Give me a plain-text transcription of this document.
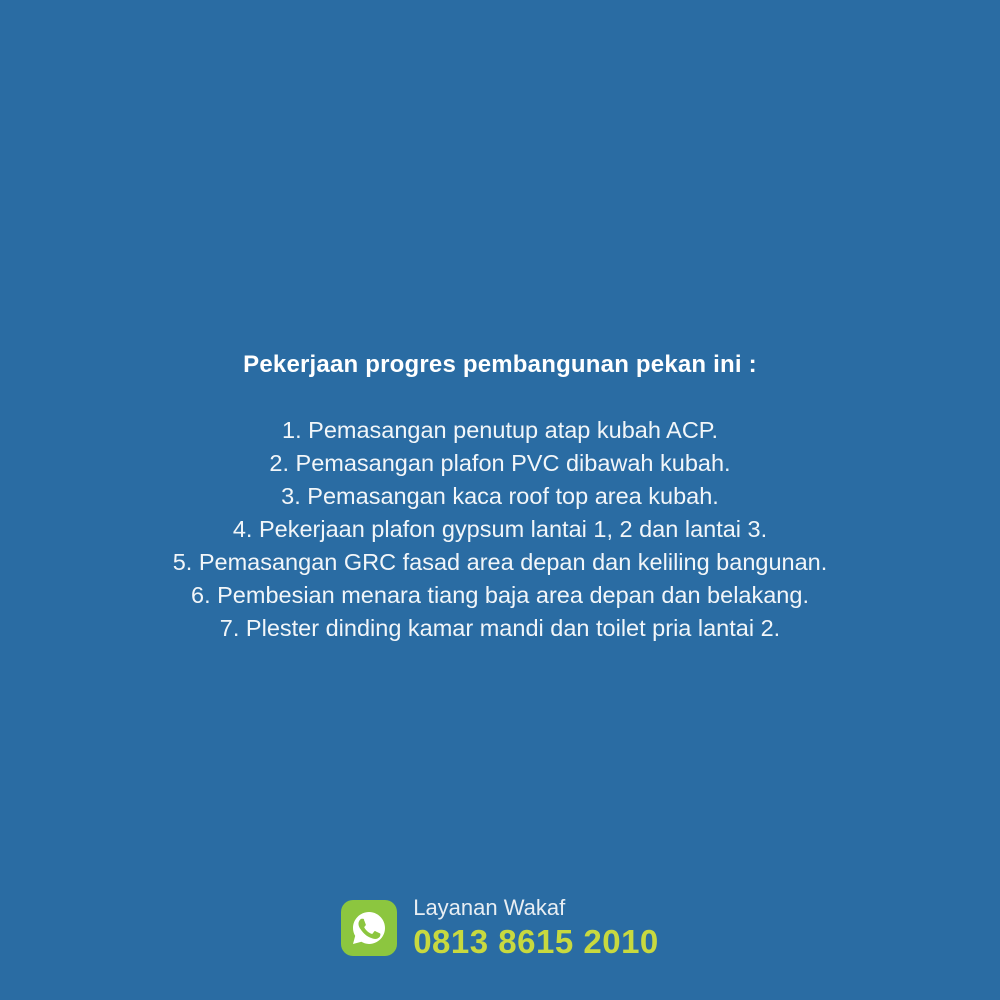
Pekerjaan progres pembangunan pekan ini :
1. Pemasangan penutup atap kubah ACP.
2. Pemasangan plafon PVC dibawah kubah.
3. Pemasangan kaca roof top area kubah.
4. Pekerjaan plafon gypsum lantai 1, 2 dan lantai 3.
5. Pemasangan GRC fasad area depan dan keliling bangunan.
6. Pembesian menara tiang baja area depan dan belakang.
7. Plester dinding kamar mandi dan toilet pria lantai 2.
Layanan Wakaf
0813 8615 2010
